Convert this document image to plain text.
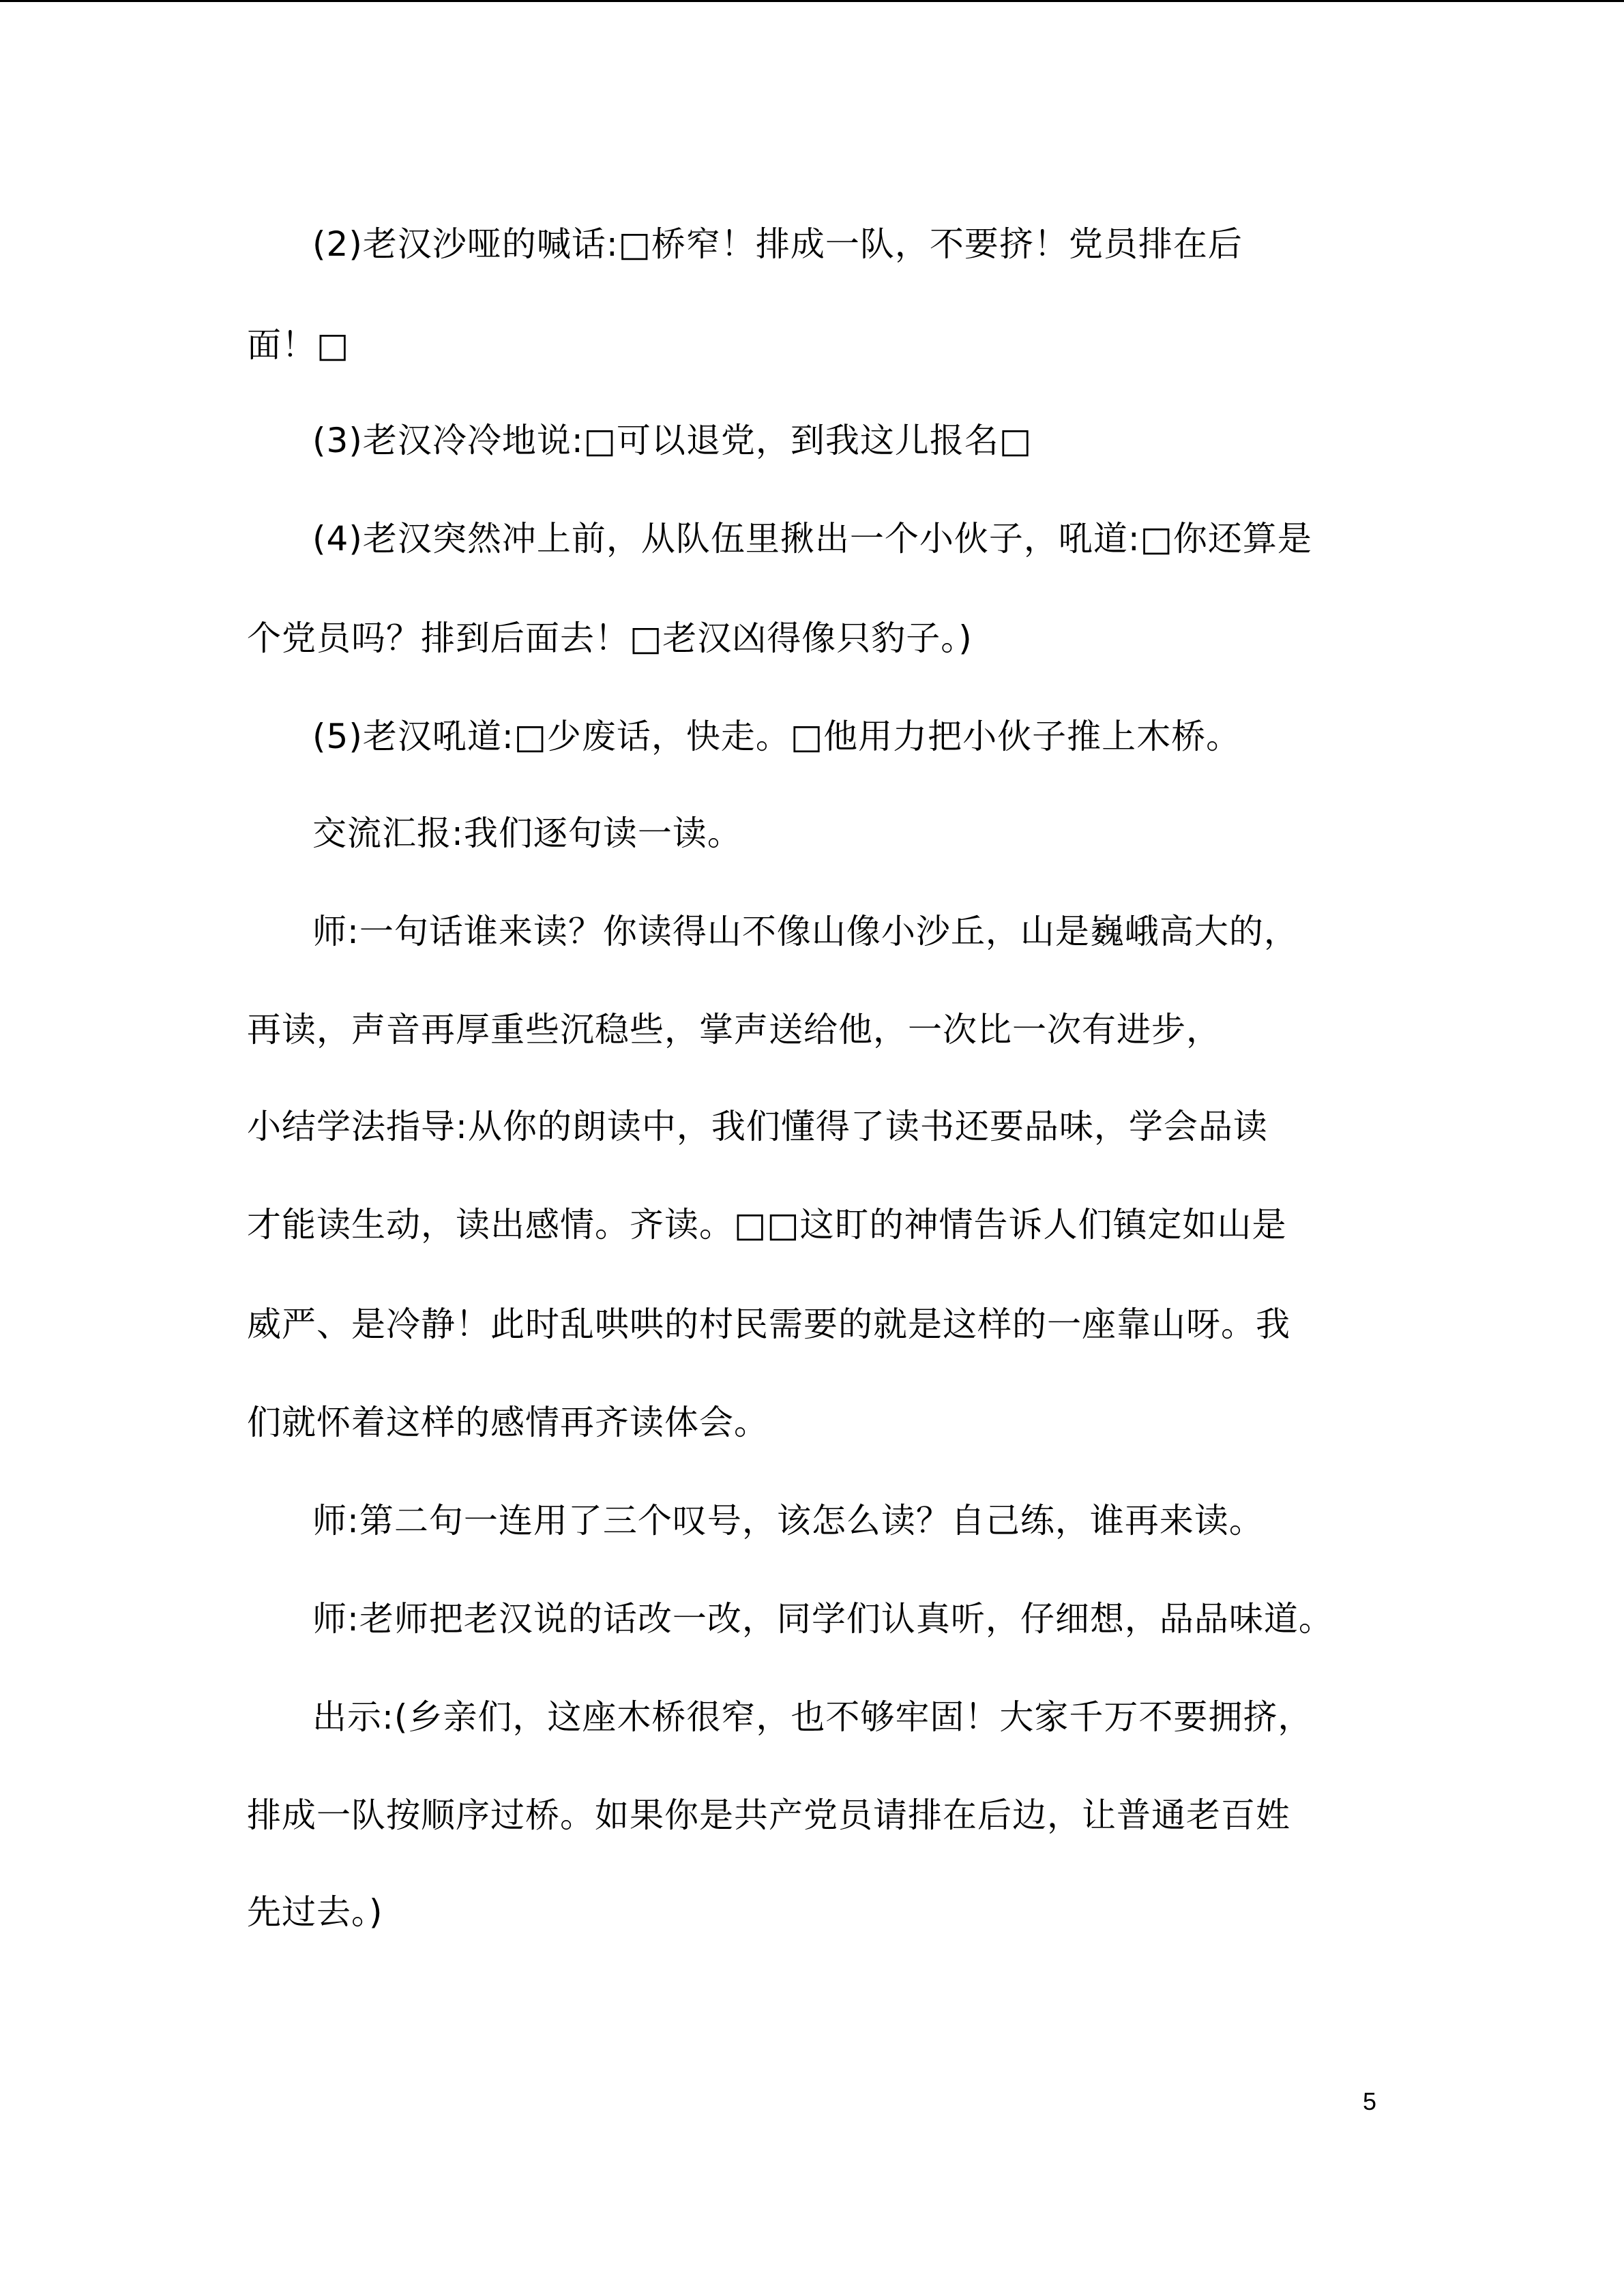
(2)老汉沙哑的喊话:□桥窄！排成一队，不要挤！党员排在后
面！□
(3)老汉冷冷地说:□可以退党，到我这儿报名□
(4)老汉突然冲上前，从队伍里揪出一个小伙子，吼道:□你还算是
个党员吗？排到后面去！□老汉凶得像只豹子。)
(5)老汉吼道:□少废话，快走。□他用力把小伙子推上木桥。
交流汇报:我们逐句读一读。
师:一句话谁来读？你读得山不像山像小沙丘，山是巍峨高大的，
再读，声音再厚重些沉稳些，掌声送给他，一次比一次有进步，
小结学法指导:从你的朗读中，我们懂得了读书还要品味，学会品读
才能读生动，读出感情。齐读。□□这盯的神情告诉人们镇定如山是
威严、是冷静！此时乱哄哄的村民需要的就是这样的一座靠山呀。我
们就怀着这样的感情再齐读体会。
师:第二句一连用了三个叹号，该怎么读？自己练，谁再来读。
师:老师把老汉说的话改一改，同学们认真听，仔细想，品品味道。
出示:(乡亲们，这座木桥很窄，也不够牢固！大家千万不要拥挤，
排成一队按顺序过桥。如果你是共产党员请排在后边，让普通老百姓
先过去。)
5
